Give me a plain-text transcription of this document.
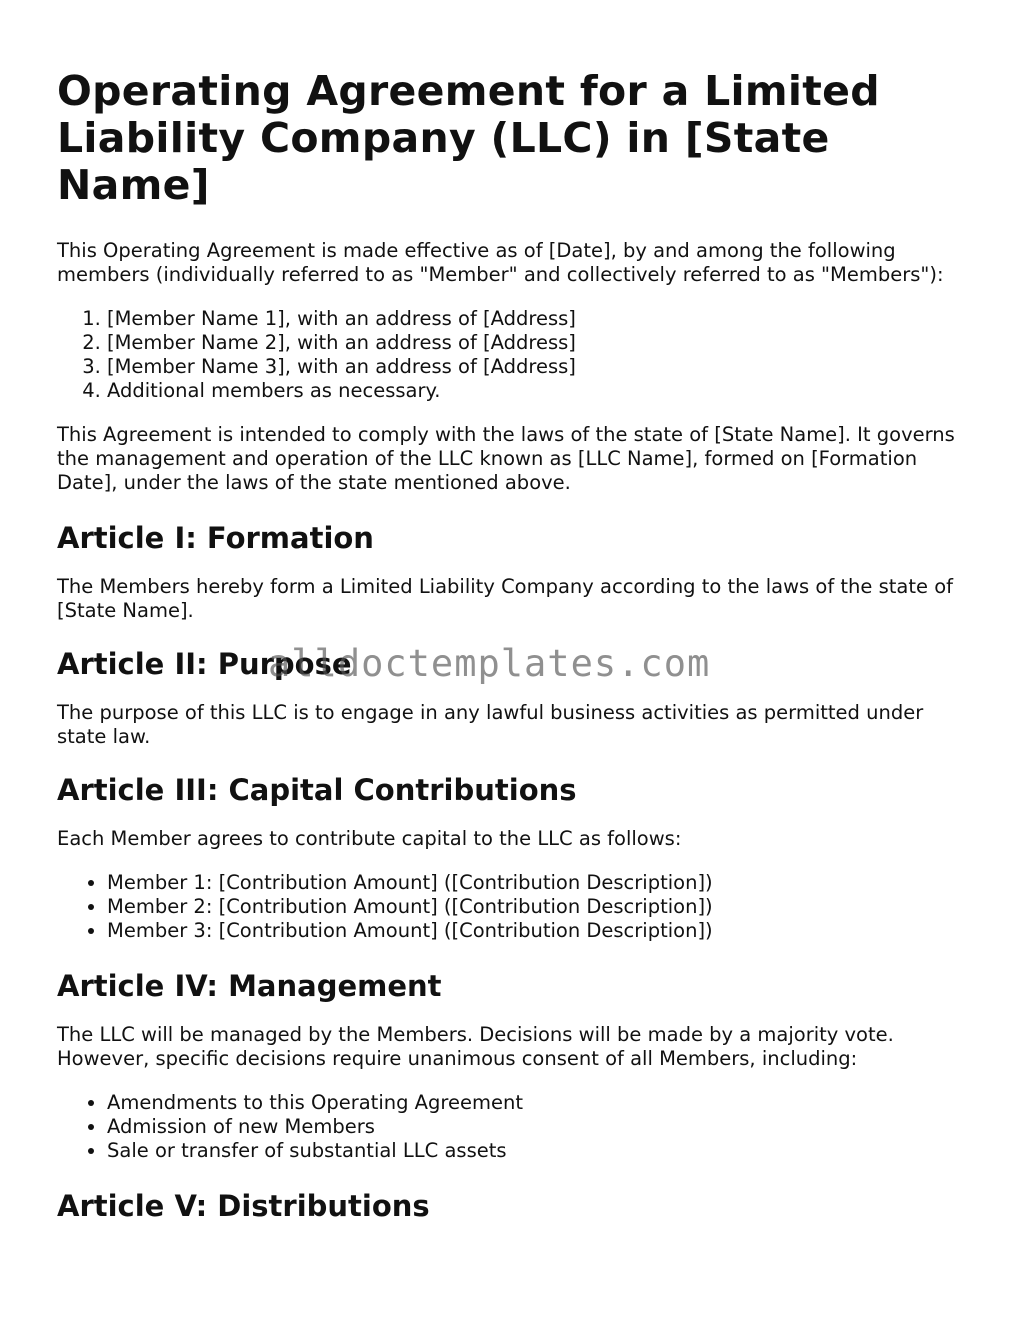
Operating Agreement for a Limited Liability Company (LLC) in [State Name]

This Operating Agreement is made effective as of [Date], by and among the following members (individually referred to as "Member" and collectively referred to as "Members"):

1. [Member Name 1], with an address of [Address]
2. [Member Name 2], with an address of [Address]
3. [Member Name 3], with an address of [Address]
4. Additional members as necessary.

This Agreement is intended to comply with the laws of the state of [State Name]. It governs the management and operation of the LLC known as [LLC Name], formed on [Formation Date], under the laws of the state mentioned above.

Article I: Formation

The Members hereby form a Limited Liability Company according to the laws of the state of [State Name].

Article II: Purpose

The purpose of this LLC is to engage in any lawful business activities as permitted under state law.

Article III: Capital Contributions

Each Member agrees to contribute capital to the LLC as follows:

• Member 1: [Contribution Amount] ([Contribution Description])
• Member 2: [Contribution Amount] ([Contribution Description])
• Member 3: [Contribution Amount] ([Contribution Description])
Article IV: Management

The LLC will be managed by the Members. Decisions will be made by a majority vote. However, specific decisions require unanimous consent of all Members, including:

• Amendments to this Operating Agreement
• Admission of new Members
• Sale or transfer of substantial LLC assets
Article V: Distributions
alldoctemplates.com
